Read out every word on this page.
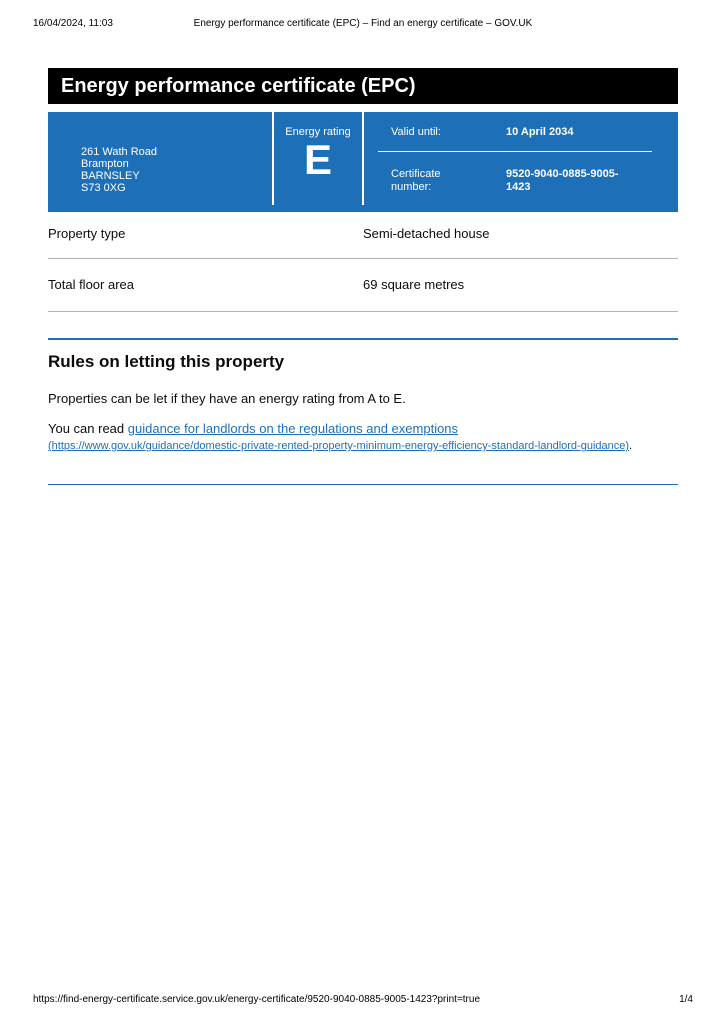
16/04/2024, 11:03	Energy performance certificate (EPC) – Find an energy certificate – GOV.UK
Energy performance certificate (EPC)
261 Wath Road
Brampton
BARNSLEY
S73 0XG
Energy rating
E
Valid until:	10 April 2034
Certificate number:
9520-9040-0885-9005-1423
Property type	Semi-detached house
Total floor area	69 square metres
Rules on letting this property
Properties can be let if they have an energy rating from A to E.
You can read guidance for landlords on the regulations and exemptions
(https://www.gov.uk/guidance/domestic-private-rented-property-minimum-energy-efficiency-standard-landlord-guidance).
https://find-energy-certificate.service.gov.uk/energy-certificate/9520-9040-0885-9005-1423?print=true	1/4
